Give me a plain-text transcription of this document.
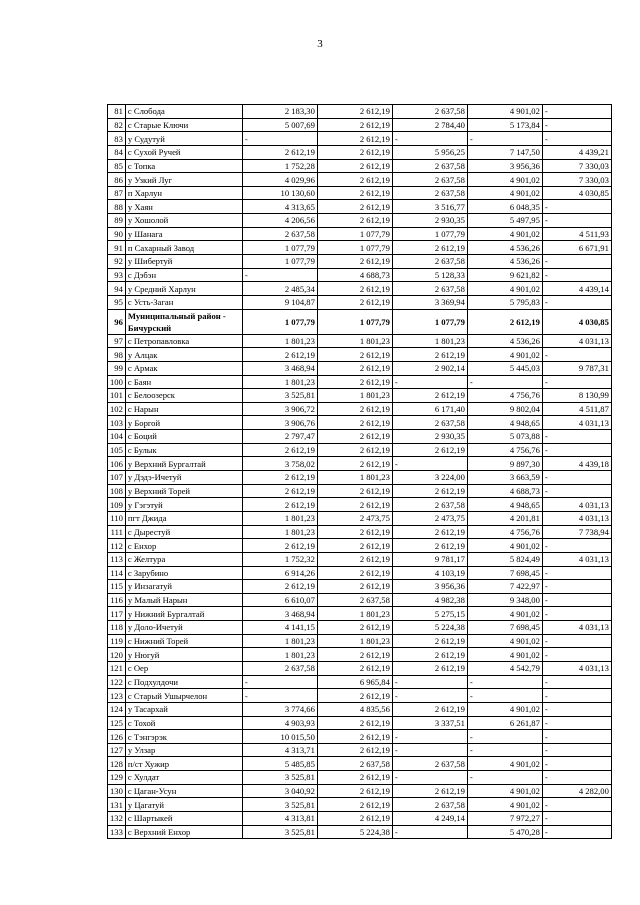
3
81	с Слобода	2 183,30	2 612,19	2 637,58	4 901,02	-
82	с Старые Ключи	5 007,69	2 612,19	2 784,40	5 173,84	-
83	у Судутуй	-	2 612,19	-	-	-
84	с Сухой Ручей	2 612,19	2 612,19	5 956,25	7 147,50	4 439,21
85	с Топка	1 752,28	2 612,19	2 637,58	3 956,36	7 330,03
86	у Узкий Луг	4 029,96	2 612,19	2 637,58	4 901,02	7 330,03
87	п Харлун	10 130,60	2 612,19	2 637,58	4 901,02	4 030,85
88	у Хаян	4 313,65	2 612,19	3 516,77	6 048,35	-
89	у Хошолой	4 206,56	2 612,19	2 930,35	5 497,95	-
90	у Шанага	2 637,58	1 077,79	1 077,79	4 901,02	4 511,93
91	п Сахарный Завод	1 077,79	1 077,79	2 612,19	4 536,26	6 671,91
92	у Шибертуй	1 077,79	2 612,19	2 637,58	4 536,26	-
93	с Дэбэн	-	4 688,73	5 128,33	9 621,82	-
94	у Средний Харлун	2 485,34	2 612,19	2 637,58	4 901,02	4 439,14
95	с Усть-Заган	9 104,87	2 612,19	3 369,94	5 795,83	-
96	Муниципальный район - Бичурский	1 077,79	1 077,79	1 077,79	2 612,19	4 030,85
97	с Петропавловка	1 801,23	1 801,23	1 801,23	4 536,26	4 031,13
98	у Алцак	2 612,19	2 612,19	2 612,19	4 901,02	-
99	с Армак	3 468,94	2 612,19	2 902,14	5 445,03	9 787,31
100	с Баян	1 801,23	2 612,19	-	-	-
101	с Белоозерск	3 525,81	1 801,23	2 612,19	4 756,76	8 130,99
102	с Нарын	3 906,72	2 612,19	6 171,40	9 802,04	4 511,87
103	у Боргой	3 906,76	2 612,19	2 637,58	4 948,65	4 031,13
104	с Боций	2 797,47	2 612,19	2 930,35	5 073,88	-
105	с Булык	2 612,19	2 612,19	2 612,19	4 756,76	-
106	у Верхний Бургалтай	3 758,02	2 612,19	-	9 897,30	4 439,18
107	у Дэдэ-Ичетуй	2 612,19	1 801,23	3 224,00	3 663,59	-
108	у Верхний Торей	2 612,19	2 612,19	2 612,19	4 688,73	-
109	у Гэгэтуй	2 612,19	2 612,19	2 637,58	4 948,65	4 031,13
110	пгт Джида	1 801,23	2 473,75	2 473,75	4 201,81	4 031,13
111	с Дырестуй	1 801,23	2 612,19	2 612,19	4 756,76	7 738,94
112	с Енхор	2 612,19	2 612,19	2 612,19	4 901,02	-
113	с Желтура	1 752,32	2 612,19	9 781,17	5 824,49	4 031,13
114	с Зарубино	6 914,26	2 612,19	4 103,19	7 698,45	-
115	у Инзагатуй	2 612,19	2 612,19	3 956,36	7 422,97	-
116	у Малый Нарын	6 610,07	2 637,58	4 982,38	9 348,00	-
117	у Нижний Бургалтай	3 468,94	1 801,23	5 275,15	4 901,02	-
118	у Доло-Ичетуй	4 141,15	2 612,19	5 224,38	7 698,45	4 031,13
119	с Нижний Торей	1 801,23	1 801,23	2 612,19	4 901,02	-
120	у Нюгуй	1 801,23	2 612,19	2 612,19	4 901,02	-
121	с Оер	2 637,58	2 612,19	2 612,19	4 542,79	4 031,13
122	с Подхулдочи	-	6 965,84	-	-	-
123	с Старый Ушырчелон	-	2 612,19	-	-	-
124	у Тасархай	3 774,66	4 835,56	2 612,19	4 901,02	-
125	с Тохой	4 903,93	2 612,19	3 337,51	6 261,87	-
126	с Тэнгэрэк	10 015,50	2 612,19	-	-	-
127	у Улзар	4 313,71	2 612,19	-	-	-
128	п/ст Хужир	5 485,85	2 637,58	2 637,58	4 901,02	-
129	с Хулдат	3 525,81	2 612,19	-	-	-
130	с Цаган-Усун	3 040,92	2 612,19	2 612,19	4 901,02	4 282,00
131	у Цагатуй	3 525,81	2 612,19	2 637,58	4 901,02	-
132	с Шартыкей	4 313,81	2 612,19	4 249,14	7 972,27	-
133	с Верхний Енхор	3 525,81	5 224,38	-	5 470,28	-
